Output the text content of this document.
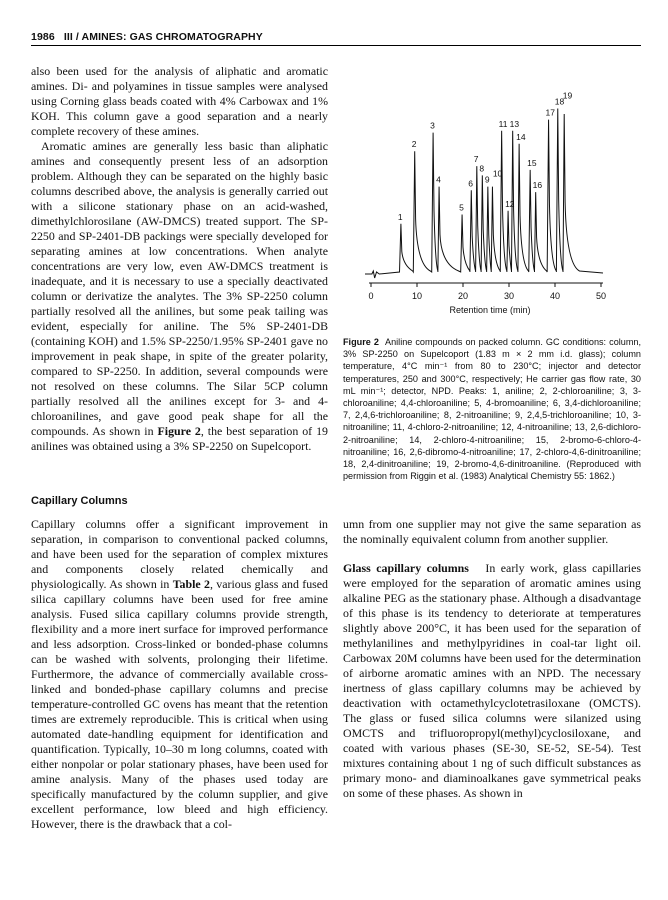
1986 III / AMINES: GAS CHROMATOGRAPHY

also been used for the analysis of aliphatic and aromatic amines. Di- and polyamines in tissue samples were analysed using Corning glass beads coated with 4% Carbowax and 1% KOH. This column gave a good separation and a nearly complete recovery of these amines.

Aromatic amines are generally less basic than aliphatic amines and consequently present less of an adsorption problem. Although they can be separated on the highly basic columns described above, the analysis is generally carried out with a silicone stationary phase on an acid-washed, dimethylchlorosilane (AW-DMCS) treated support. The SP-2250 and SP-2401-DB packings were specially developed for separating amines at low concentrations. When analyte concentrations are very low, even AW-DMCS treatment is inadequate, and it is necessary to use a specially deactivated column or derivatize the analytes. The 3% SP-2250 column partially resolved all the anilines, but some peak tailing was evident, especially for aniline. The 5% SP-2401-DB (containing KOH) and 1.5% SP-2250/1.95% SP-2401 gave no improvement in peak shape, in spite of the greater polarity, compared to SP-2250. In addition, several compounds were not resolved on these columns. The Silar 5CP column partially resolved all the anilines except for 3- and 4-chloroanilines, and gave good peak shape for all the compounds. As shown in Figure 2, the best separation of 19 anilines was obtained using a 3% SP-2250 on Supelcoport.

Capillary Columns

Capillary columns offer a significant improvement in separation, in comparison to conventional packed columns, and have been used for the separation of complex mixtures and components closely related chemically and physiologically. As shown in Table 2, various glass and fused silica capillary columns have been used for free amine analysis. Fused silica capillary columns provide strength, flexibility and a more inert surface for improved performance and less adsorption. Cross-linked or bonded-phase columns can be washed with solvents, prolonging their lifetime. Furthermore, the advance of commercially available cross-linked and bonded-phase capillary columns and precise temperature-controlled GC ovens has meant that the retention times are extremely reproducible. This is critical when using automated date-handling equipment for identification and quantification. Typically, 10–30 m long columns, coated with either nonpolar or polar stationary phases, have been used for amine analysis. Many of the phases used today are specifically manufactured by the column supplier, and give excellent performance, low bleed and high efficiency. However, there is the drawback that a col-

umn from one supplier may not give the same separation as the nominally equivalent column from another supplier.

Glass capillary columns In early work, glass capillaries were employed for the separation of aromatic amines using alkaline PEG as the stationary phase. Although a disadvantage of this phase is its tendency to deteriorate at temperatures slightly above 200°C, it has been used for the separation of methylanilines and methylpyridines in coal-tar light oil. Carbowax 20M columns have been used for the determination of airborne aromatic amines with an NPD. The necessary inertness of glass capillary columns may be achieved by deactivation with octamethylcyclotetrasiloxane (OMCTS). The glass or fused silica columns were silanized using OMCTS and trifluoropropyl(methyl)cyclosiloxane, and coated with various phases (SE-30, SE-52, SE-54). Test mixtures containing about 1 ng of such difficult substances as primary mono- and diaminoalkanes gave symmetrical peaks on some of these phases. As shown in

1
2
3
4
5
6
7
8
9
10
11
12
13
14
15
16
17
18
19
0	10	20	30	40	50
Retention time (min)
Figure 2 Aniline compounds on packed column. GC conditions: column, 3% SP-2250 on Supelcoport (1.83 m × 2 mm i.d. glass); column temperature, 4°C min⁻¹ from 80 to 230°C; injector and detector temperatures, 250 and 300°C, respectively; He carrier gas flow rate, 30 mL min⁻¹; detector, NPD. Peaks: 1, aniline; 2, 2-chloroaniline; 3, 3-chloroaniline; 4,4-chloroaniline; 5, 4-bromoaniline; 6, 3,4-dichloroaniline; 7, 2,4,6-trichloroaniline; 8, 2-nitroaniline; 9, 2,4,5-trichloroaniline; 10, 3-nitroaniline; 11, 4-chloro-2-nitroaniline; 12, 4-nitroaniline; 13, 2,6-dichloro-2-nitroaniline; 14, 2-chloro-4-nitroaniline; 15, 2-bromo-6-chloro-4-nitroaniline; 16, 2,6-dibromo-4-nitroaniline; 17, 2-chloro-4,6-dinitroaniline; 18, 2,4-dinitroaniline; 19, 2-bromo-4,6-dinitroaniline. (Reproduced with permission from Riggin et al. (1983) Analytical Chemistry 55: 1862.)
